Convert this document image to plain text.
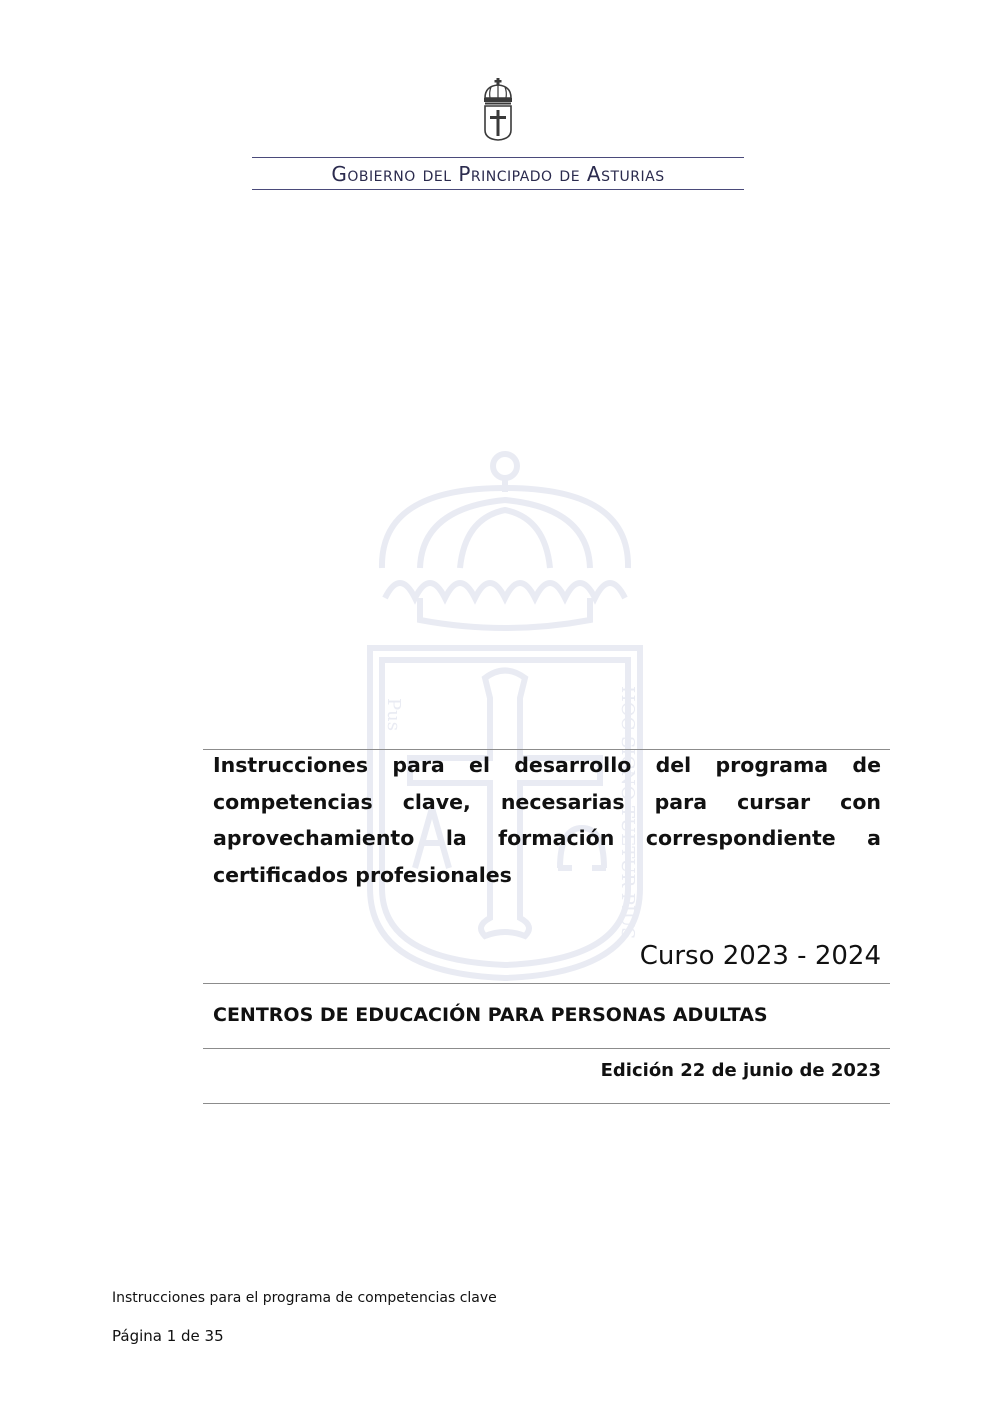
Gobierno del Principado de Asturias
Pus	HOC SIGNO TUETUR PIUS
Instrucciones para el desarrollo del programa de competencias clave, necesarias para cursar con aprovechamiento la formación correspondiente a certificados profesionales
Curso 2023 - 2024
CENTROS DE EDUCACIÓN PARA PERSONAS ADULTAS
Edición 22 de junio de 2023
Instrucciones para el programa de competencias clave
Página 1 de 35
